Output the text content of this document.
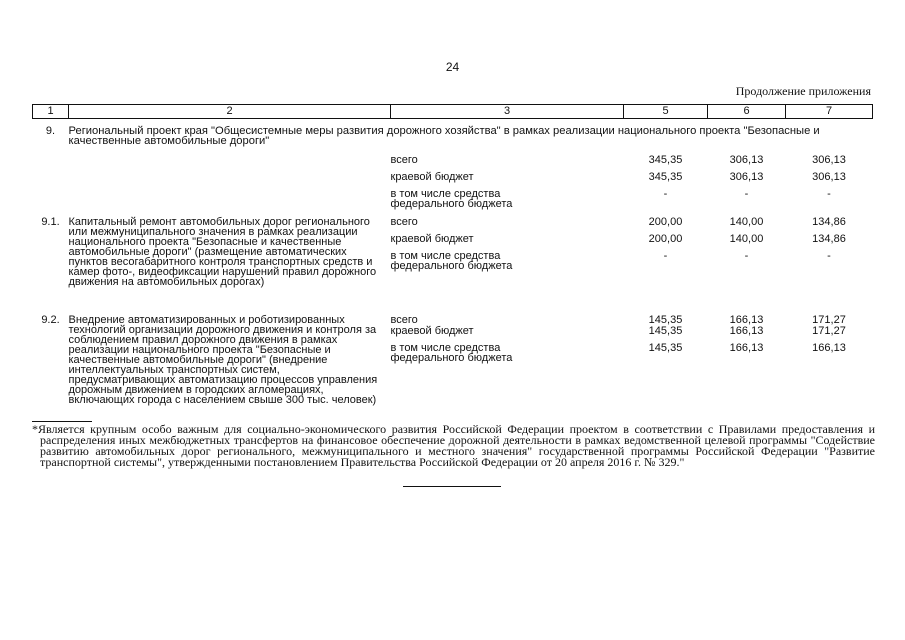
24
Продолжение приложения
1	2	3	5	6	7
9.	Региональный проект края "Общесистемные меры развития дорожного хозяйства" в рамках реализации национального проекта "Безопасные и качественные автомобильные дороги"				
		всего	345,35	306,13	306,13
		краевой бюджет	345,35	306,13	306,13
		в том числе средства федерального бюджета	-	-	-
9.1.	Капитальный ремонт автомобильных дорог регионального или межмуниципального значения в рамках реализации национального проекта "Безопасные и качественные автомобильные дороги" (размещение автоматических пунктов весогабаритного контроля транспортных средств и камер фото-, видеофиксации нарушений правил дорожного движения на автомобильных дорогах)	всего	200,00	140,00	134,86
		краевой бюджет	200,00	140,00	134,86
		в том числе средства федерального бюджета	-	-	-
9.2.	Внедрение автоматизированных и роботизированных технологий организации дорожного движения и контроля за соблюдением правил дорожного движения в рамках реализации национального проекта "Безопасные и качественные автомобильные дороги" (внедрение интеллектуальных транспортных систем, предусматривающих автоматизацию процессов управления дорожным движением в городских агломерациях, включающих города с населением свыше 300 тыс. человек)	всего	145,35	166,13	171,27
		краевой бюджет	145,35	166,13	171,27
		в том числе средства федерального бюджета	145,35	166,13	166,13

*Является крупным особо важным для социально-экономического развития Российской Федерации проектом в соответствии с Правилами предоставления и распределения иных межбюджетных трансфертов на финансовое обеспечение дорожной деятельности в рамках ведомственной целевой программы "Содействие развитию автомобильных дорог регионального, межмуниципального и местного значения" государственной программы Российской Федерации "Развитие транспортной системы", утвержденными постановлением Правительства Российской Федерации от 20 апреля 2016 г. № 329."
